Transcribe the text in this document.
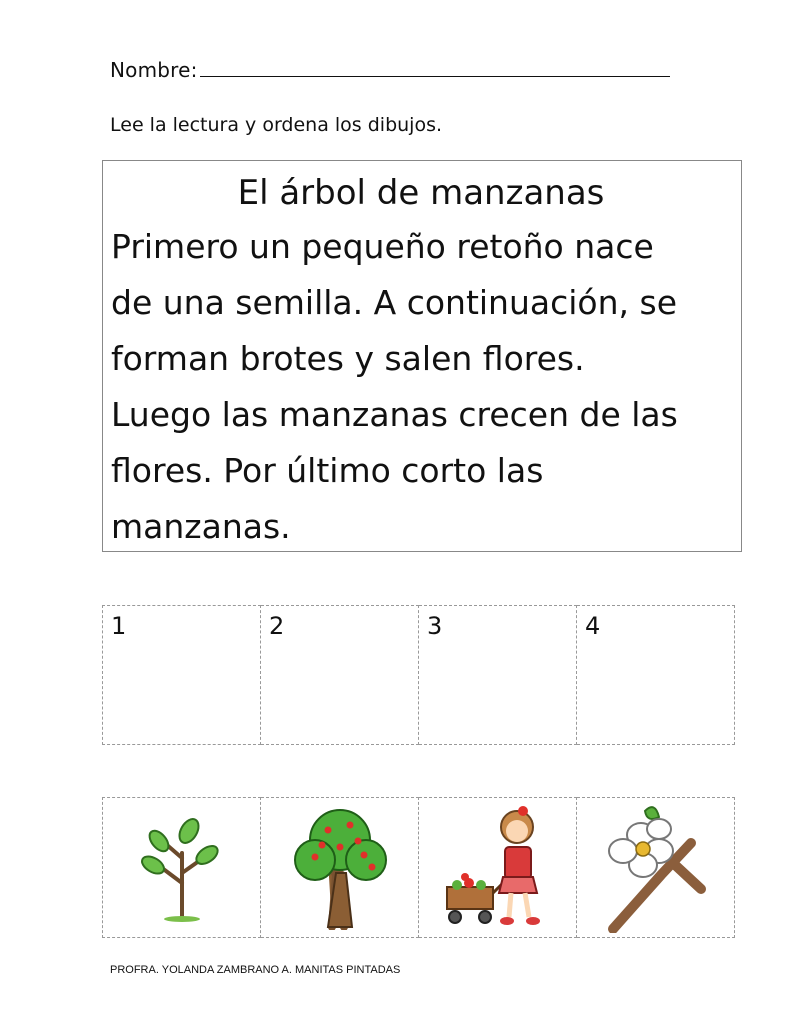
Nombre:
Lee la lectura y ordena los dibujos.
El árbol de manzanas
Primero un pequeño retoño nace
de una semilla. A continuación, se
forman brotes y salen flores.
Luego las manzanas crecen de las
flores. Por último corto las
manzanas.
1	2	3	4

PROFRA. YOLANDA ZAMBRANO A. MANITAS PINTADAS
